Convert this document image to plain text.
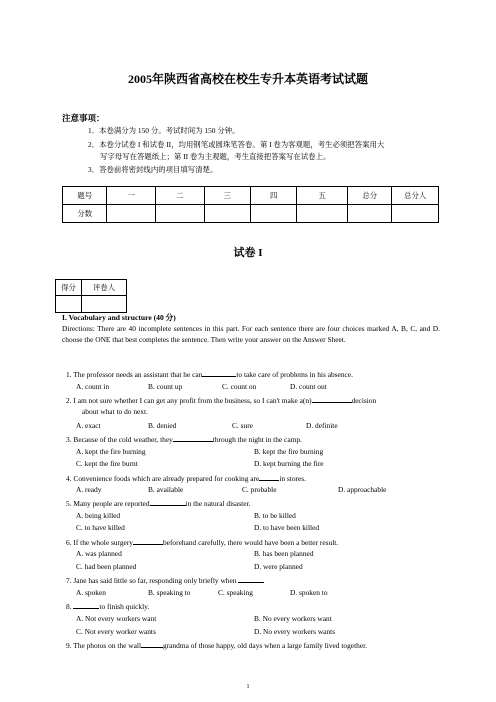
2005年陕西省高校在校生专升本英语考试试题
注意事项：
1．本卷满分为 150 分。考试时间为 150 分钟。
2．本卷分试卷 I 和试卷 II，均用钢笔或圆珠笔答卷。第 I 卷为客观题，考生必须把答案用大
写字母写在答题纸上；第 II 卷为主观题，考生直接把答案写在试卷上。
3．答卷前将密封线内的项目填写清楚。
题号	一	二	三	四	五	总分	总分人
分数							
试卷 I
得分	评卷人

I. Vocabulary and structure (40 分)
Directions: There are 40 incomplete sentences in this part. For each sentence there are four choices marked A, B, C, and D. choose the ONE that best completes the sentence. Then write your answer on the Answer Sheet.
1. The professor needs an assistant that he can	to take care of problems in his absence.
A. count in	B. count up	C. count on	D. count out
2. I am not sure whether I can get any profit from the business, so I can't make a(n)	decision
about what to do next.
A. exact	B. denied	C. sure	D. definite
3. Because of the cold weather, they	through the night in the camp.
A. kept the fire burning	B. kept the fire burning
C. kept the fire burnt	D. kept burning the fire
4. Convenience foods which are already prepared for cooking are	in stores.
A. ready	B. available	C. probable	D. approachable
5. Many people are reported	in the natural disaster.
A. being killed	B. to be killed
C. to have killed	D. to have been killed
6. If the whole surgery	beforehand carefully, there would have been a better result.
A. was planned	B. has been planned
C. had been planned	D. were planned
7. Jane has said little so far, responding only briefly when
A. spoken	B. speaking to	C. speaking	D. spoken to
8.	to finish quickly.
A. Not every workers want	B. No every workers want
C. Not every worker wants	D. No every workers wants
9. The photos on the wall	grandma of those happy, old days when a large family lived together.
1
